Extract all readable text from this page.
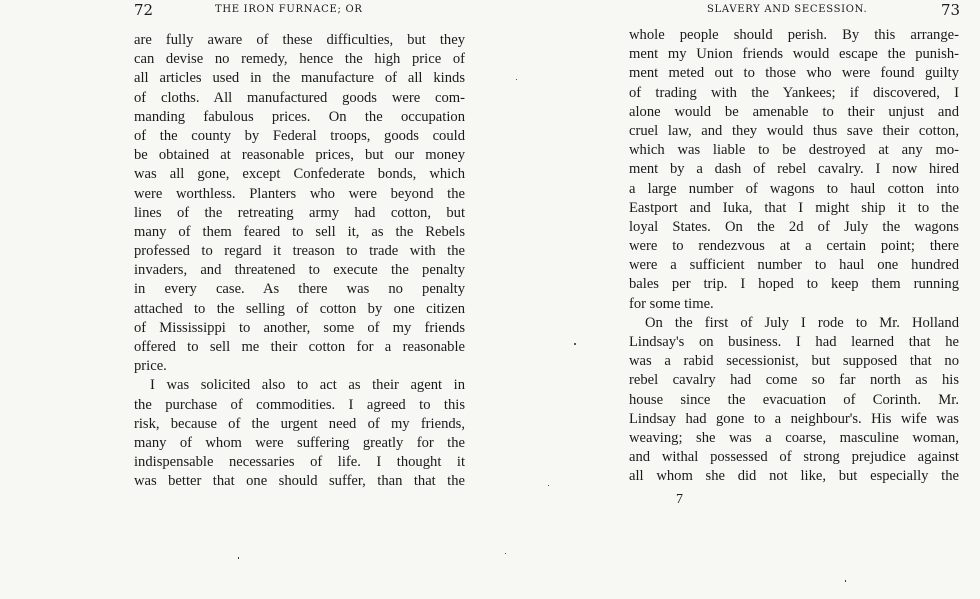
72	THE IRON FURNACE; OR
are fully aware of these difficulties, but they
can devise no remedy, hence the high price of
all articles used in the manufacture of all kinds
of cloths. All manufactured goods were com-
manding fabulous prices. On the occupation
of the county by Federal troops, goods could
be obtained at reasonable prices, but our money
was all gone, except Confederate bonds, which
were worthless. Planters who were beyond the
lines of the retreating army had cotton, but
many of them feared to sell it, as the Rebels
professed to regard it treason to trade with the
invaders, and threatened to execute the penalty
in every case. As there was no penalty
attached to the selling of cotton by one citizen
of Mississippi to another, some of my friends
offered to sell me their cotton for a reasonable
price.
I was solicited also to act as their agent in
the purchase of commodities. I agreed to this
risk, because of the urgent need of my friends,
many of whom were suffering greatly for the
indispensable necessaries of life. I thought it
was better that one should suffer, than that the
SLAVERY AND SECESSION.	73
whole people should perish. By this arrange-
ment my Union friends would escape the punish-
ment meted out to those who were found guilty
of trading with the Yankees; if discovered, I
alone would be amenable to their unjust and
cruel law, and they would thus save their cotton,
which was liable to be destroyed at any mo-
ment by a dash of rebel cavalry. I now hired
a large number of wagons to haul cotton into
Eastport and Iuka, that I might ship it to the
loyal States. On the 2d of July the wagons
were to rendezvous at a certain point; there
were a sufficient number to haul one hundred
bales per trip. I hoped to keep them running
for some time.
On the first of July I rode to Mr. Holland
Lindsay's on business. I had learned that he
was a rabid secessionist, but supposed that no
rebel cavalry had come so far north as his
house since the evacuation of Corinth. Mr.
Lindsay had gone to a neighbour's. His wife was
weaving; she was a coarse, masculine woman,
and withal possessed of strong prejudice against
all whom she did not like, but especially the
7
